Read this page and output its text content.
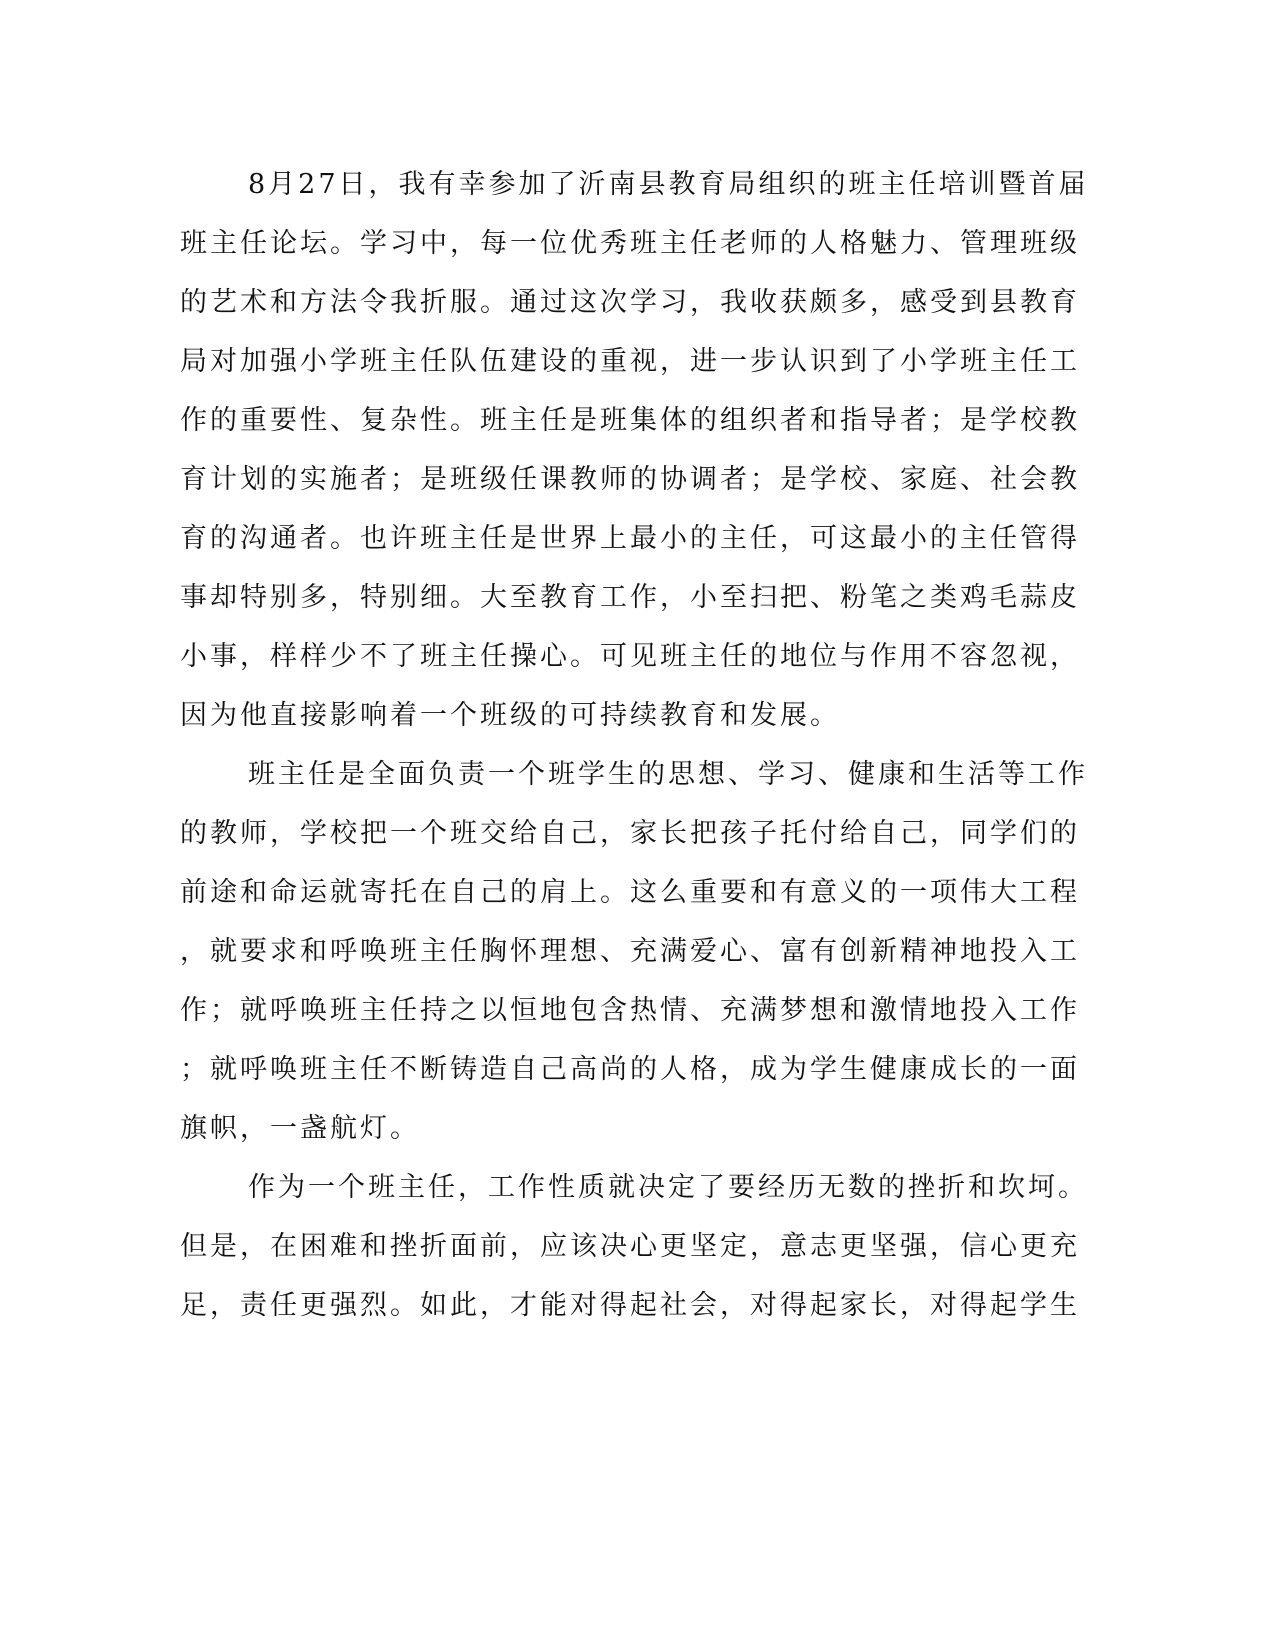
8月27日，我有幸参加了沂南县教育局组织的班主任培训暨首届
班主任论坛。学习中，每一位优秀班主任老师的人格魅力、管理班级
的艺术和方法令我折服。通过这次学习，我收获颇多，感受到县教育
局对加强小学班主任队伍建设的重视，进一步认识到了小学班主任工
作的重要性、复杂性。班主任是班集体的组织者和指导者；是学校教
育计划的实施者；是班级任课教师的协调者；是学校、家庭、社会教
育的沟通者。也许班主任是世界上最小的主任，可这最小的主任管得
事却特别多，特别细。大至教育工作，小至扫把、粉笔之类鸡毛蒜皮
小事，样样少不了班主任操心。可见班主任的地位与作用不容忽视，
因为他直接影响着一个班级的可持续教育和发展。
班主任是全面负责一个班学生的思想、学习、健康和生活等工作
的教师，学校把一个班交给自己，家长把孩子托付给自己，同学们的
前途和命运就寄托在自己的肩上。这么重要和有意义的一项伟大工程
，就要求和呼唤班主任胸怀理想、充满爱心、富有创新精神地投入工
作；就呼唤班主任持之以恒地包含热情、充满梦想和激情地投入工作
；就呼唤班主任不断铸造自己高尚的人格，成为学生健康成长的一面
旗帜，一盏航灯。
作为一个班主任，工作性质就决定了要经历无数的挫折和坎坷。
但是，在困难和挫折面前，应该决心更坚定，意志更坚强，信心更充
足，责任更强烈。如此，才能对得起社会，对得起家长，对得起学生
